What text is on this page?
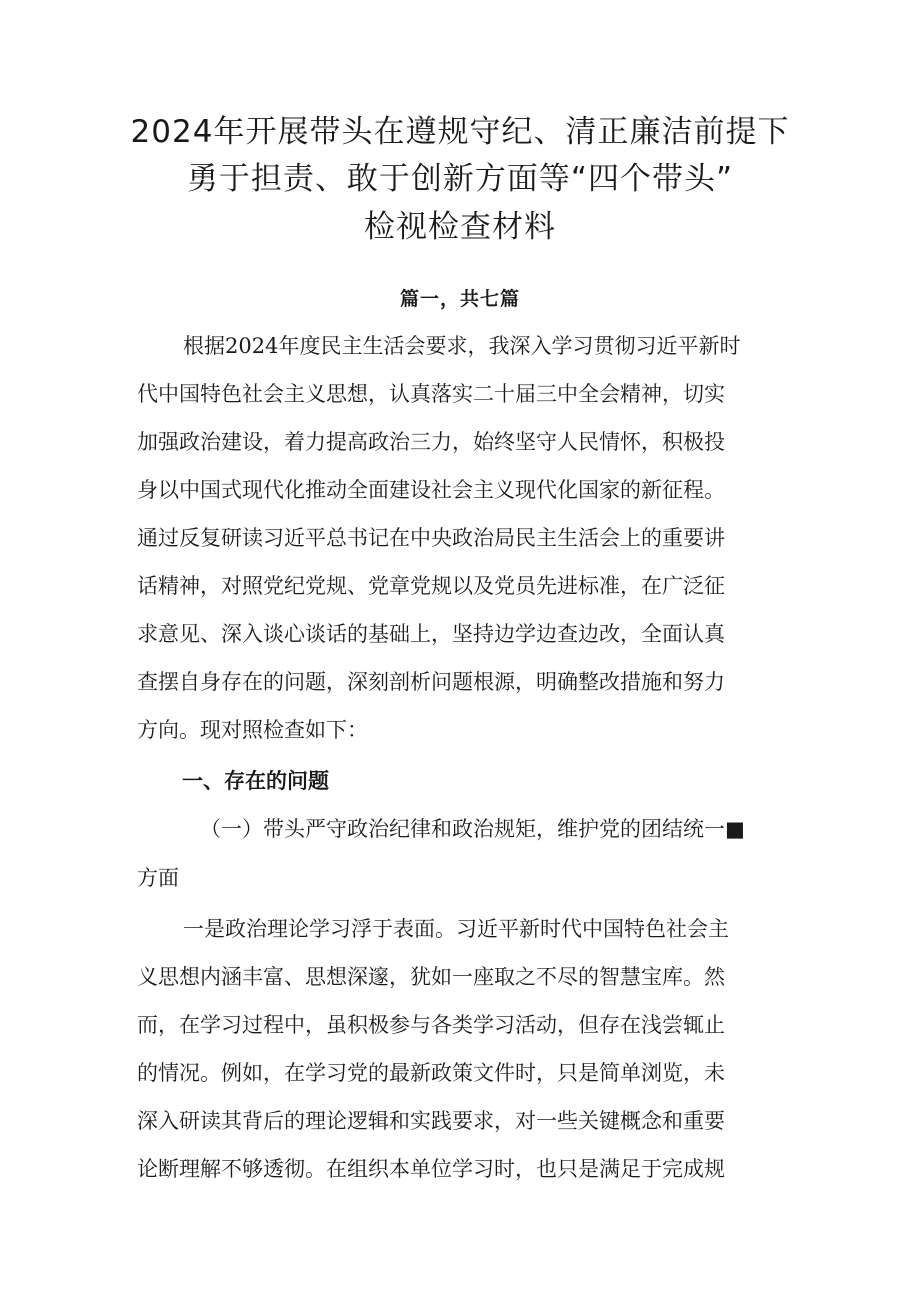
2024年开展带头在遵规守纪、清正廉洁前提下
勇于担责、敢于创新方面等“四个带头”
检视检查材料
篇一，共七篇
根据2024年度民主生活会要求，我深入学习贯彻习近平新时
代中国特色社会主义思想，认真落实二十届三中全会精神，切实
加强政治建设，着力提高政治三力，始终坚守人民情怀，积极投
身以中国式现代化推动全面建设社会主义现代化国家的新征程。
通过反复研读习近平总书记在中央政治局民主生活会上的重要讲
话精神，对照党纪党规、党章党规以及党员先进标准，在广泛征
求意见、深入谈心谈话的基础上，坚持边学边查边改，全面认真
查摆自身存在的问题，深刻剖析问题根源，明确整改措施和努力
方向。现对照检查如下：
一、存在的问题
（一）带头严守政治纪律和政治规矩，维护党的团结统一■
方面
一是政治理论学习浮于表面。习近平新时代中国特色社会主
义思想内涵丰富、思想深邃，犹如一座取之不尽的智慧宝库。然
而，在学习过程中，虽积极参与各类学习活动，但存在浅尝辄止
的情况。例如，在学习党的最新政策文件时，只是简单浏览，未
深入研读其背后的理论逻辑和实践要求，对一些关键概念和重要
论断理解不够透彻。在组织本单位学习时，也只是满足于完成规
